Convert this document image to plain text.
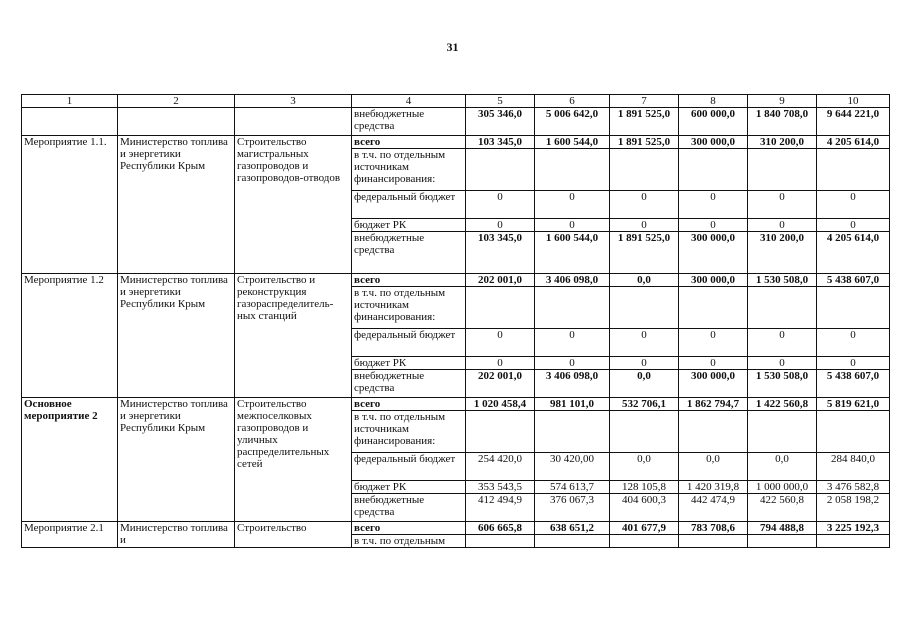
31
1	2	3	4	5	6	7	8	9	10
			внебюджетные средства	305 346,0	5 006 642,0	1 891 525,0	600 000,0	1 840 708,0	9 644 221,0
Мероприятие 1.1.	Министерство топлива и энергетики Республики Крым	Строительство магистральных газопроводов и газопроводов-отводов	всего	103 345,0	1 600 544,0	1 891 525,0	300 000,0	310 200,0	4 205 614,0
			в т.ч. по отдельным источникам финансирования:						
			федеральный бюджет	0	0	0	0	0	0
			бюджет РК	0	0	0	0	0	0
			внебюджетные средства	103 345,0	1 600 544,0	1 891 525,0	300 000,0	310 200,0	4 205 614,0
Мероприятие 1.2	Министерство топлива и энергетики Республики Крым	Строительство и реконструкция газораспределитель-ных станций	всего	202 001,0	3 406 098,0	0,0	300 000,0	1 530 508,0	5 438 607,0
			в т.ч. по отдельным источникам финансирования:						
			федеральный бюджет	0	0	0	0	0	0
			бюджет РК	0	0	0	0	0	0
			внебюджетные средства	202 001,0	3 406 098,0	0,0	300 000,0	1 530 508,0	5 438 607,0
Основное мероприятие 2	Министерство топлива и энергетики Республики Крым	Строительство межпоселковых газопроводов и уличных распределительных сетей	всего	1 020 458,4	981 101,0	532 706,1	1 862 794,7	1 422 560,8	5 819 621,0
			в т.ч. по отдельным источникам финансирования:						
			федеральный бюджет	254 420,0	30 420,00	0,0	0,0	0,0	284 840,0
			бюджет РК	353 543,5	574 613,7	128 105,8	1 420 319,8	1 000 000,0	3 476 582,8
			внебюджетные средства	412 494,9	376 067,3	404 600,3	442 474,9	422 560,8	2 058 198,2
Мероприятие 2.1	Министерство топлива и	Строительство	всего	606 665,8	638 651,2	401 677,9	783 708,6	794 488,8	3 225 192,3
			в т.ч. по отдельным						
